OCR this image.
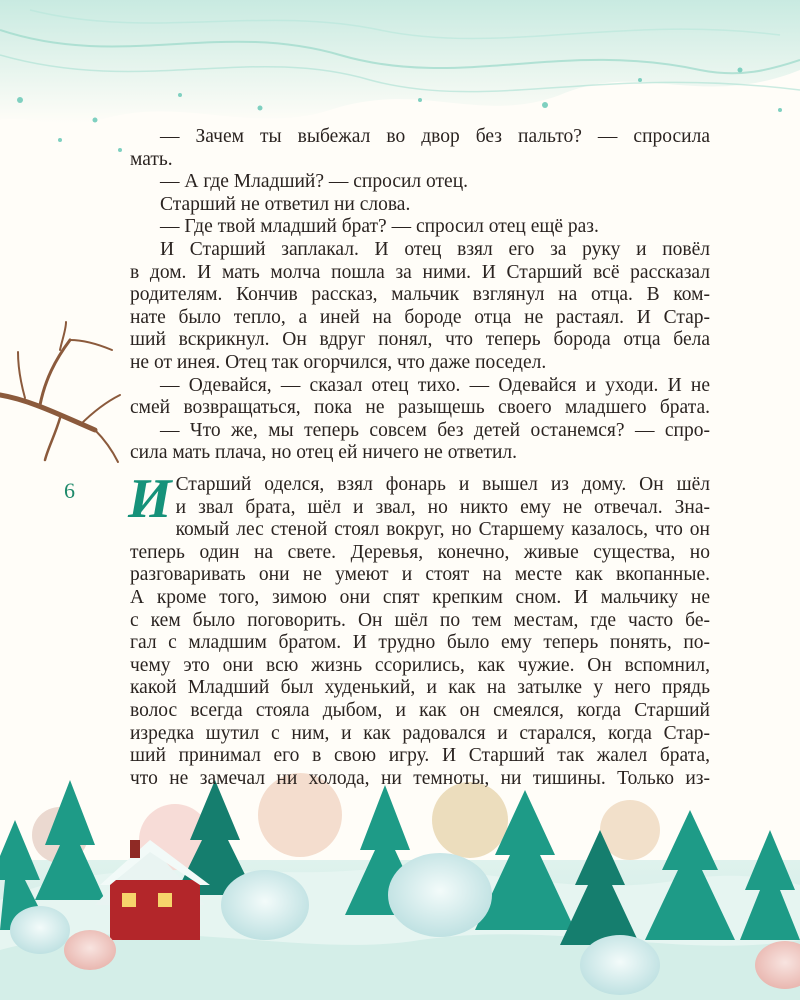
— Зачем ты выбежал во двор без пальто? — спросила
мать.
— А где Младший? — спросил отец.
Старший не ответил ни слова.
— Где твой младший брат? — спросил отец ещё раз.
И Старший заплакал. И отец взял его за руку и повёл
в дом. И мать молча пошла за ними. И Старший всё рассказал
родителям. Кончив рассказ, мальчик взглянул на отца. В ком-
нате было тепло, а иней на бороде отца не растаял. И Стар-
ший вскрикнул. Он вдруг понял, что теперь борода отца бела
не от инея. Отец так огорчился, что даже поседел.
— Одевайся, — сказал отец тихо. — Одевайся и уходи. И не
смей возвращаться, пока не разыщешь своего младшего брата.
— Что же, мы теперь совсем без детей останемся? — спро-
сила мать плача, но отец ей ничего не ответил.
6 И Старший оделся, взял фонарь и вышел из дому. Он шёл
и звал брата, шёл и звал, но никто ему не отвечал. Зна-
комый лес стеной стоял вокруг, но Старшему казалось, что он
теперь один на свете. Деревья, конечно, живые существа, но
разговаривать они не умеют и стоят на месте как вкопанные.
А кроме того, зимою они спят крепким сном. И мальчику не
с кем было поговорить. Он шёл по тем местам, где часто бе-
гал с младшим братом. И трудно было ему теперь понять, по-
чему это они всю жизнь ссорились, как чужие. Он вспомнил,
какой Младший был худенький, и как на затылке у него прядь
волос всегда стояла дыбом, и как он смеялся, когда Старший
изредка шутил с ним, и как радовался и старался, когда Стар-
ший принимал его в свою игру. И Старший так жалел брата,
что не замечал ни холода, ни темноты, ни тишины. Только из-
